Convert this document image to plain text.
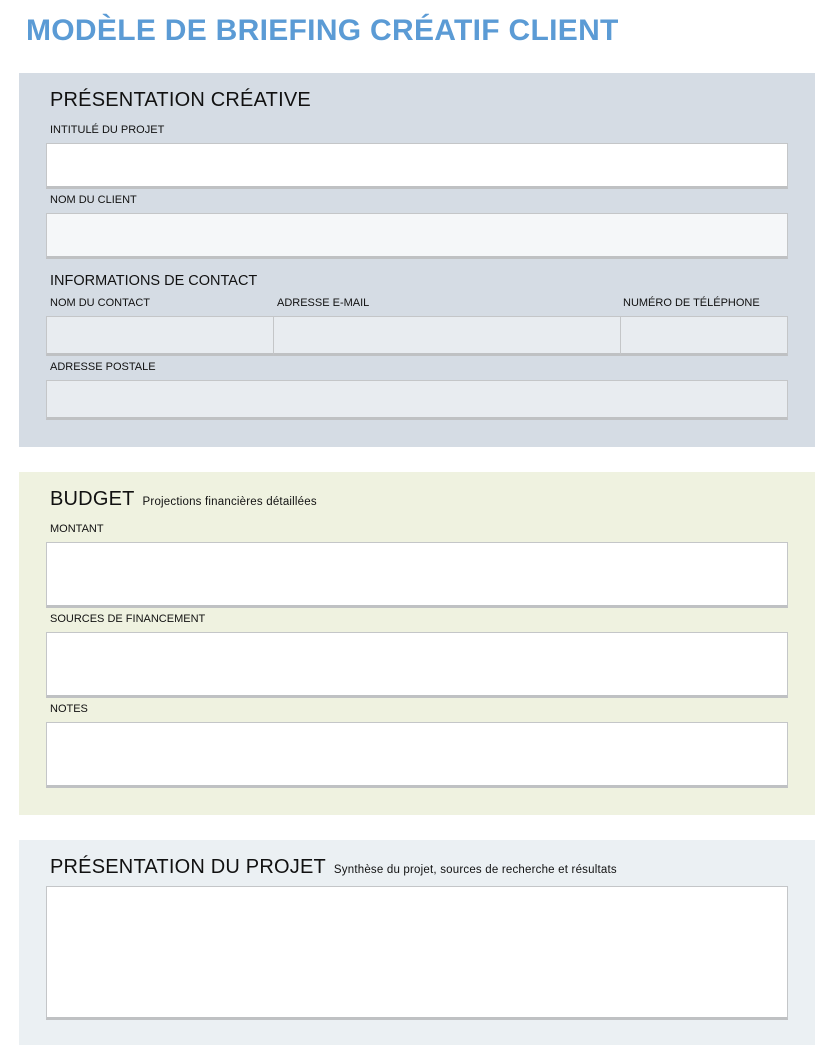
MODÈLE DE BRIEFING CRÉATIF CLIENT
PRÉSENTATION CRÉATIVE
INTITULÉ DU PROJET
NOM DU CLIENT
INFORMATIONS DE CONTACT
NOM DU CONTACT	ADRESSE E-MAIL	NUMÉRO DE TÉLÉPHONE
ADRESSE POSTALE
BUDGET Projections financières détaillées
MONTANT
SOURCES DE FINANCEMENT
NOTES
PRÉSENTATION DU PROJET Synthèse du projet, sources de recherche et résultats
